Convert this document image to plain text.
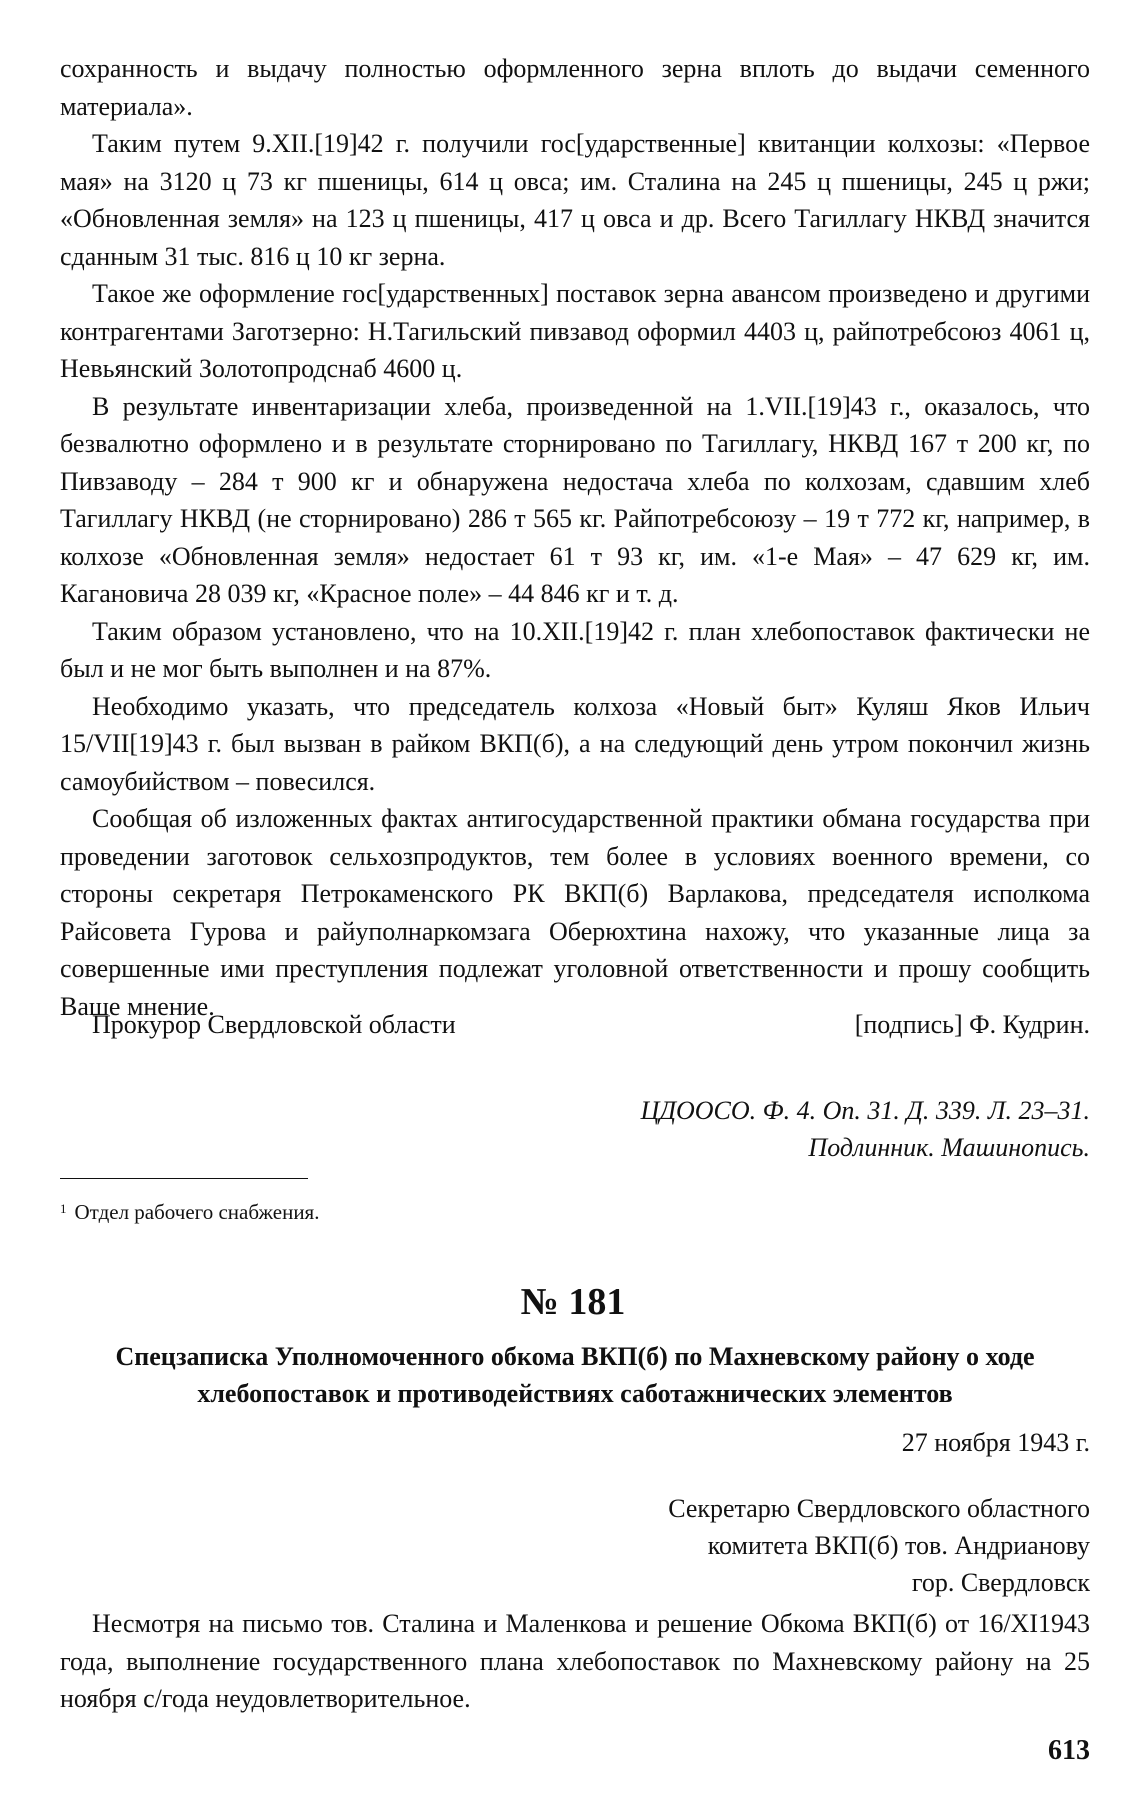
сохранность и выдачу полностью оформленного зерна вплоть до выдачи семенного материала».

Таким путем 9.XII.[19]42 г. получили гос[ударственные] квитанции колхозы: «Первое мая» на 3120 ц 73 кг пшеницы, 614 ц овса; им. Сталина на 245 ц пшеницы, 245 ц ржи; «Обновленная земля» на 123 ц пшеницы, 417 ц овса и др. Всего Тагиллагу НКВД значится сданным 31 тыс. 816 ц 10 кг зерна.

Такое же оформление гос[ударственных] поставок зерна авансом произведено и другими контрагентами Заготзерно: Н.Тагильский пивзавод оформил 4403 ц, райпотребсоюз 4061 ц, Невьянский Золотопродснаб 4600 ц.

В результате инвентаризации хлеба, произведенной на 1.VII.[19]43 г., оказалось, что безвалютно оформлено и в результате сторнировано по Тагиллагу, НКВД 167 т 200 кг, по Пивзаводу – 284 т 900 кг и обнаружена недостача хлеба по колхозам, сдавшим хлеб Тагиллагу НКВД (не сторнировано) 286 т 565 кг. Райпотребсоюзу – 19 т 772 кг, например, в колхозе «Обновленная земля» недостает 61 т 93 кг, им. «1-е Мая» – 47 629 кг, им. Кагановича 28 039 кг, «Красное поле» – 44 846 кг и т. д.

Таким образом установлено, что на 10.XII.[19]42 г. план хлебопоставок фактически не был и не мог быть выполнен и на 87%.

Необходимо указать, что председатель колхоза «Новый быт» Куляш Яков Ильич 15/VII[19]43 г. был вызван в райком ВКП(б), а на следующий день утром покончил жизнь самоубийством – повесился.

Сообщая об изложенных фактах антигосударственной практики обмана государства при проведении заготовок сельхозпродуктов, тем более в условиях военного времени, со стороны секретаря Петрокаменского РК ВКП(б) Варлакова, председателя исполкома Райсовета Гурова и райуполнаркомзага Оберюхтина нахожу, что указанные лица за совершенные ими преступления подлежат уголовной ответственности и прошу сообщить Ваше мнение.

Прокурор Свердловской области	[подпись] Ф. Кудрин.
ЦДООСО. Ф. 4. Оп. 31. Д. 339. Л. 23–31.
Подлинник. Машинопись.
$^1$ Отдел рабочего снабжения.
№ 181
Спецзаписка Уполномоченного обкома ВКП(б) по Махневскому району о ходе хлебопоставок и противодействиях саботажнических элементов
27 ноября 1943 г.
Секретарю Свердловского областного
комитета ВКП(б) тов. Андрианову
гор. Свердловск

Несмотря на письмо тов. Сталина и Маленкова и решение Обкома ВКП(б) от 16/XI1943 года, выполнение государственного плана хлебопоставок по Махневскому району на 25 ноября с/года неудовлетворительное.

613
